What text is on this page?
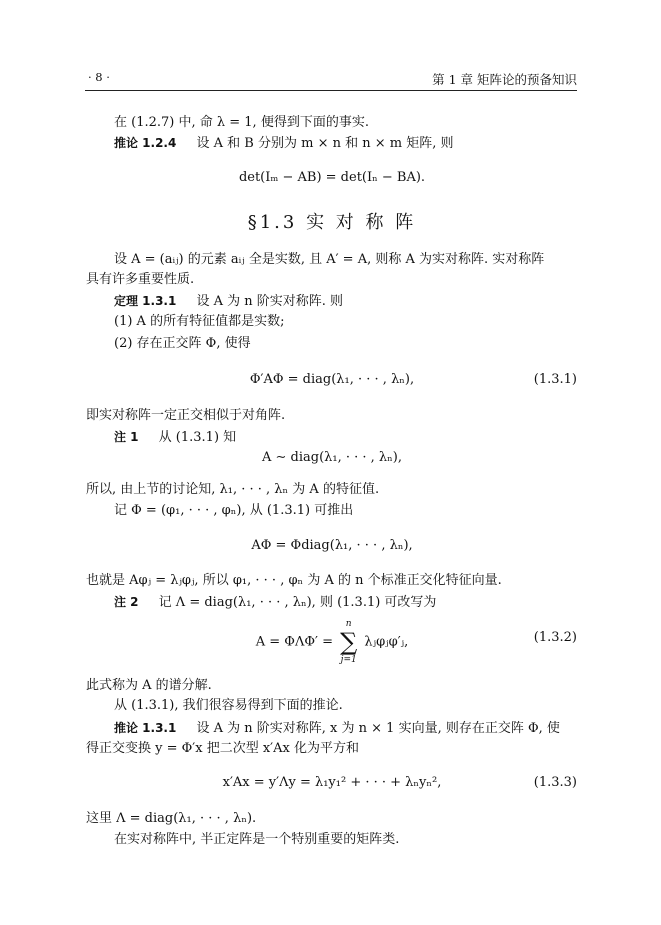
· 8 ·	第 1 章 矩阵论的预备知识
在 (1.2.7) 中, 命 λ = 1, 便得到下面的事实.
推论 1.2.4 设 A 和 B 分别为 m × n 和 n × m 矩阵, 则
det(Iₘ − AB) = det(Iₙ − BA).
§1.3 实 对 称 阵
设 A = (aᵢⱼ) 的元素 aᵢⱼ 全是实数, 且 A′ = A, 则称 A 为实对称阵. 实对称阵
具有许多重要性质.
定理 1.3.1 设 A 为 n 阶实对称阵. 则
(1) A 的所有特征值都是实数;
(2) 存在正交阵 Φ, 使得
Φ′AΦ = diag(λ₁, · · · , λₙ),	(1.3.1)
即实对称阵一定正交相似于对角阵.
注 1 从 (1.3.1) 知
A ∼ diag(λ₁, · · · , λₙ),
所以, 由上节的讨论知, λ₁, · · · , λₙ 为 A 的特征值.
记 Φ = (φ₁, · · · , φₙ), 从 (1.3.1) 可推出
AΦ = Φdiag(λ₁, · · · , λₙ),
也就是 Aφⱼ = λⱼφⱼ, 所以 φ₁, · · · , φₙ 为 A 的 n 个标准正交化特征向量.
注 2 记 Λ = diag(λ₁, · · · , λₙ), 则 (1.3.1) 可改写为
A = ΦΛΦ′ =
n
∑
j=1
λⱼφⱼφ′ⱼ,	(1.3.2)
此式称为 A 的谱分解.
从 (1.3.1), 我们很容易得到下面的推论.
推论 1.3.1 设 A 为 n 阶实对称阵, x 为 n × 1 实向量, 则存在正交阵 Φ, 使
得正交变换 y = Φ′x 把二次型 x′Ax 化为平方和
x′Ax = y′Λy = λ₁y₁² + · · · + λₙyₙ²,	(1.3.3)
这里 Λ = diag(λ₁, · · · , λₙ).
在实对称阵中, 半正定阵是一个特别重要的矩阵类.
